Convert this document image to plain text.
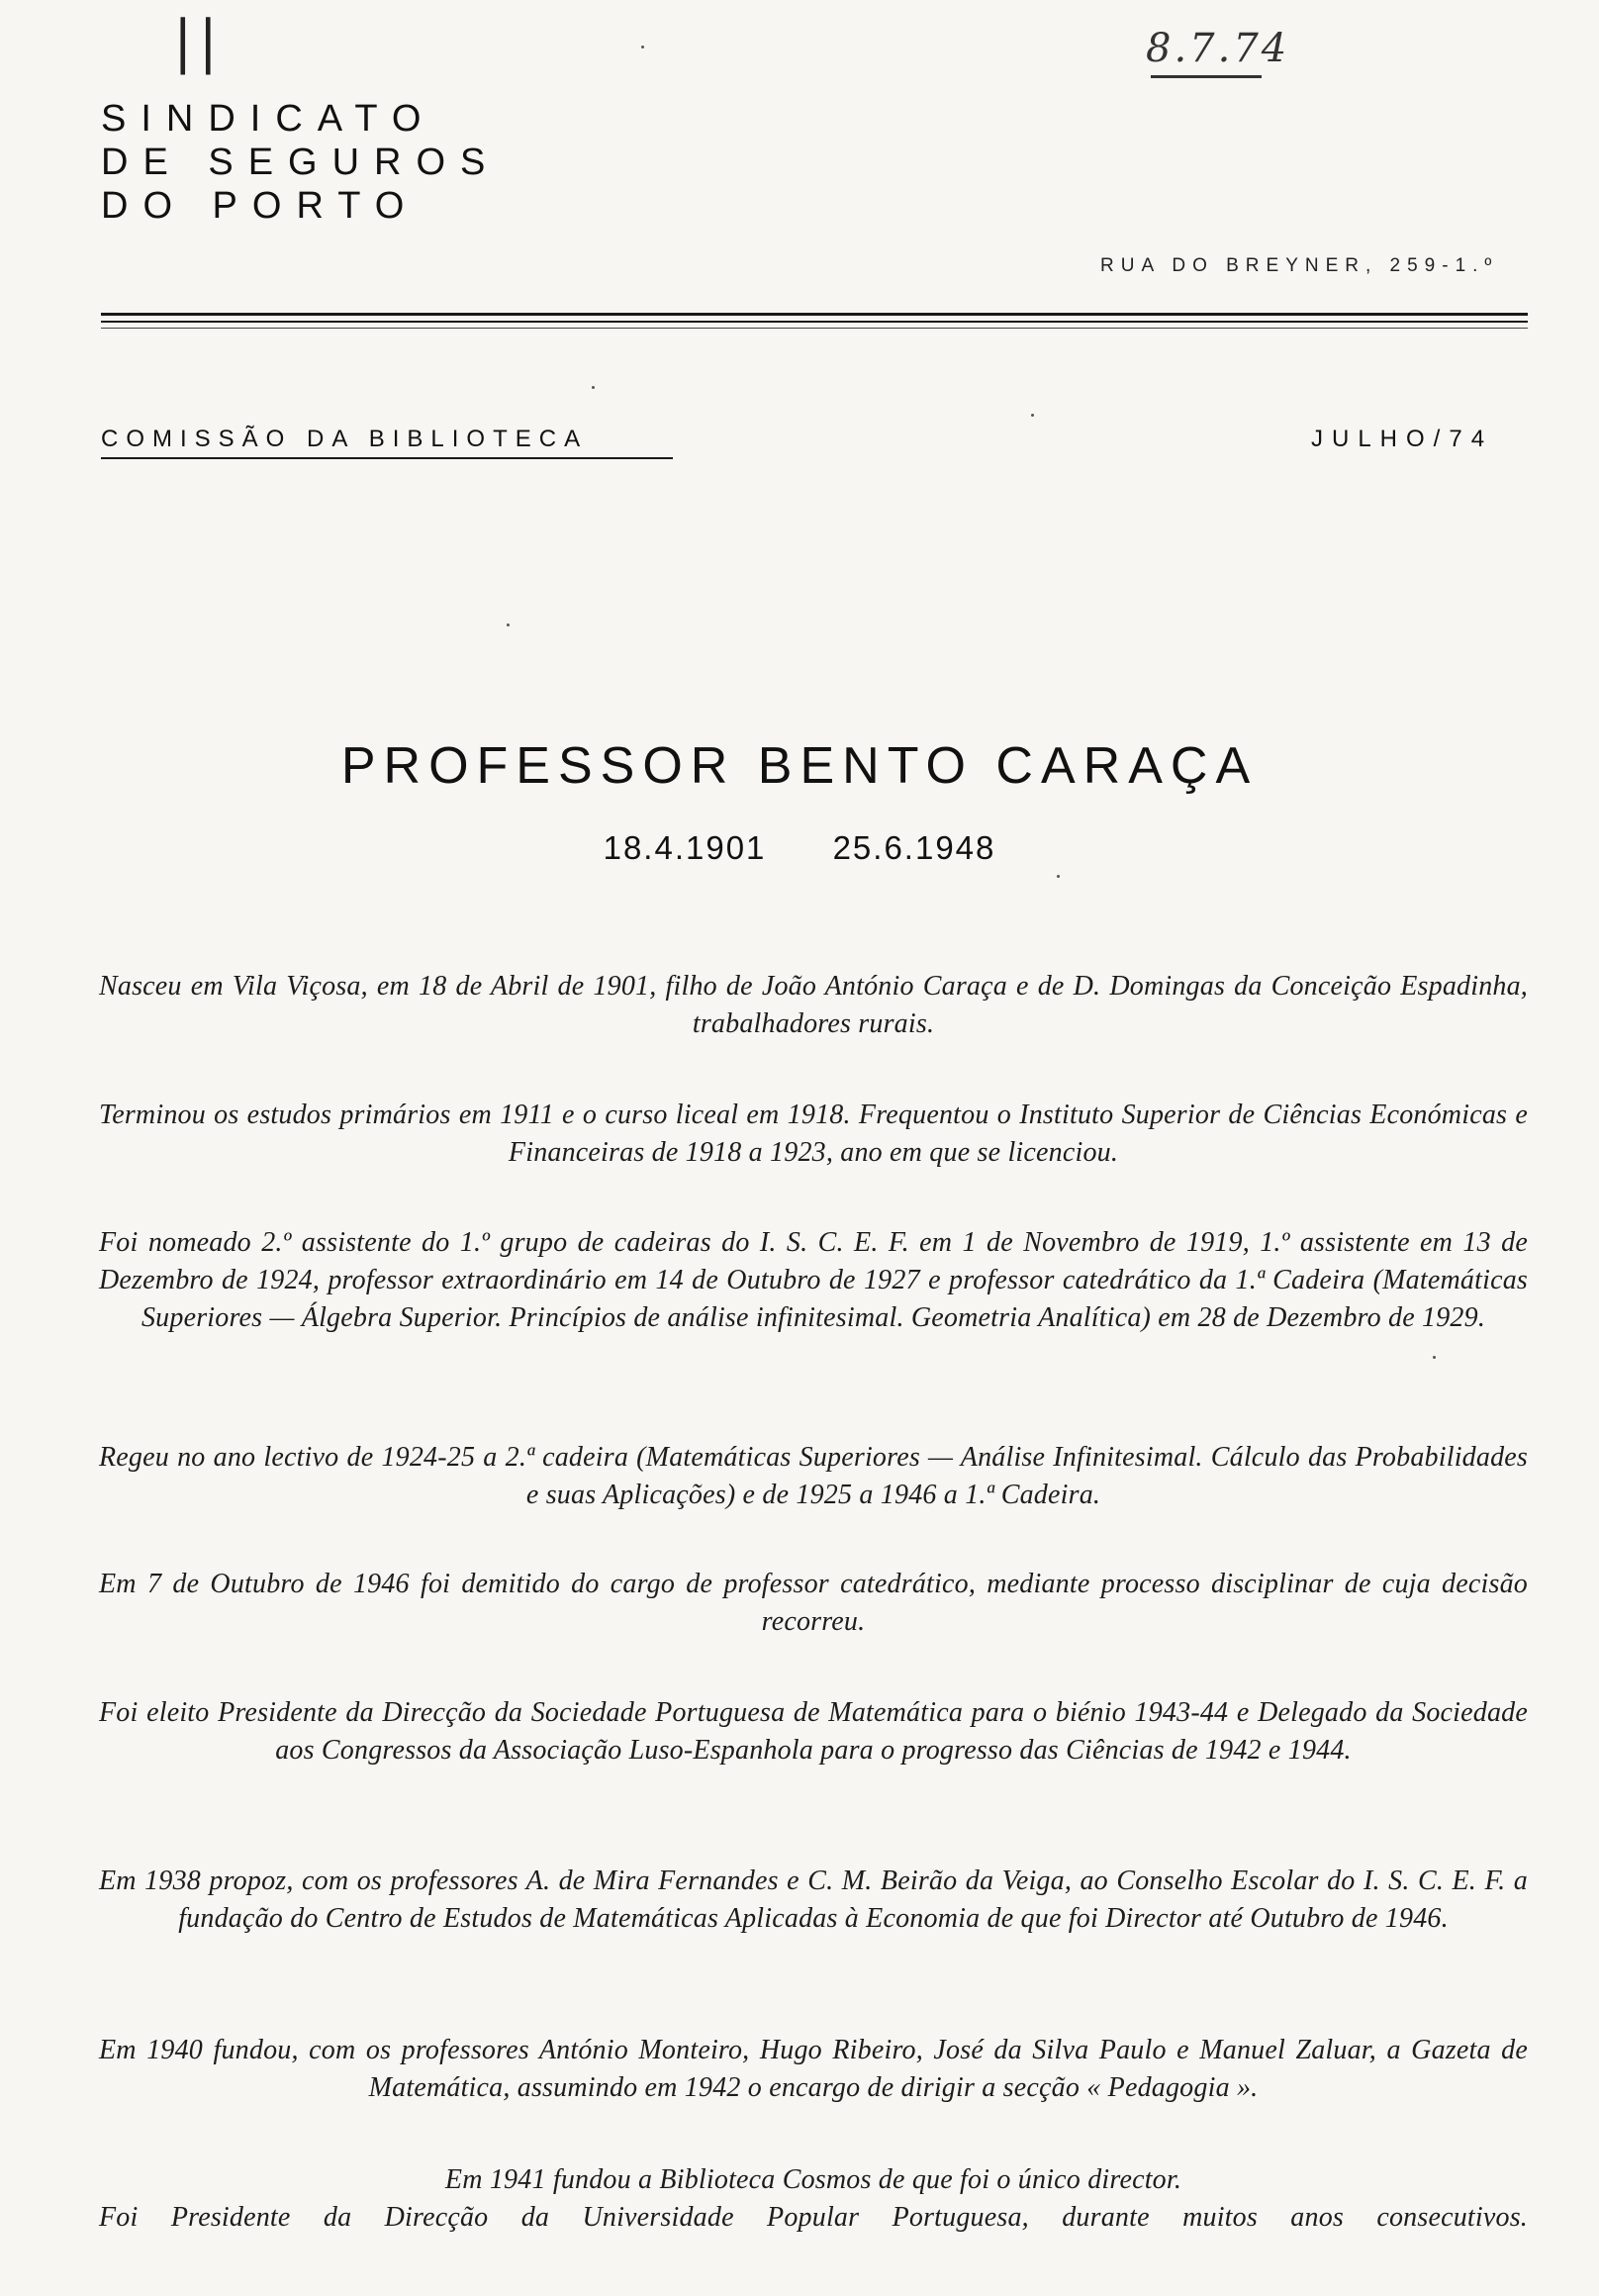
||	8.7.74
SINDICATO
DE SEGUROS
DO PORTO
RUA DO BREYNER, 259-1.º
COMISSÃO DA BIBLIOTECA	JULHO/74
PROFESSOR BENTO CARAÇA
18.4.1901 25.6.1948
Nasceu em Vila Viçosa, em 18 de Abril de 1901, filho de João António Caraça e de D. Domingas da Conceição Espadinha, trabalhadores rurais.
Terminou os estudos primários em 1911 e o curso liceal em 1918. Frequentou o Instituto Superior de Ciências Económicas e Financeiras de 1918 a 1923, ano em que se licenciou.
Foi nomeado 2.º assistente do 1.º grupo de cadeiras do I. S. C. E. F. em 1 de Novembro de 1919, 1.º assistente em 13 de Dezembro de 1924, professor extraordinário em 14 de Outubro de 1927 e professor catedrático da 1.ª Cadeira (Matemáticas Superiores — Álgebra Superior. Princípios de análise infinitesimal. Geometria Analítica) em 28 de Dezembro de 1929.
Regeu no ano lectivo de 1924-25 a 2.ª cadeira (Matemáticas Superiores — Análise Infinitesimal. Cálculo das Probabilidades e suas Aplicações) e de 1925 a 1946 a 1.ª Cadeira.
Em 7 de Outubro de 1946 foi demitido do cargo de professor catedrático, mediante processo disciplinar de cuja decisão recorreu.
Foi eleito Presidente da Direcção da Sociedade Portuguesa de Matemática para o biénio 1943-44 e Delegado da Sociedade aos Congressos da Associação Luso-Espanhola para o progresso das Ciências de 1942 e 1944.
Em 1938 propoz, com os professores A. de Mira Fernandes e C. M. Beirão da Veiga, ao Conselho Escolar do I. S. C. E. F. a fundação do Centro de Estudos de Matemáticas Aplicadas à Economia de que foi Director até Outubro de 1946.
Em 1940 fundou, com os professores António Monteiro, Hugo Ribeiro, José da Silva Paulo e Manuel Zaluar, a Gazeta de Matemática, assumindo em 1942 o encargo de dirigir a secção « Pedagogia ».
Em 1941 fundou a Biblioteca Cosmos de que foi o único director.
Foi Presidente da Direcção da Universidade Popular Portuguesa, durante muitos anos consecutivos.
